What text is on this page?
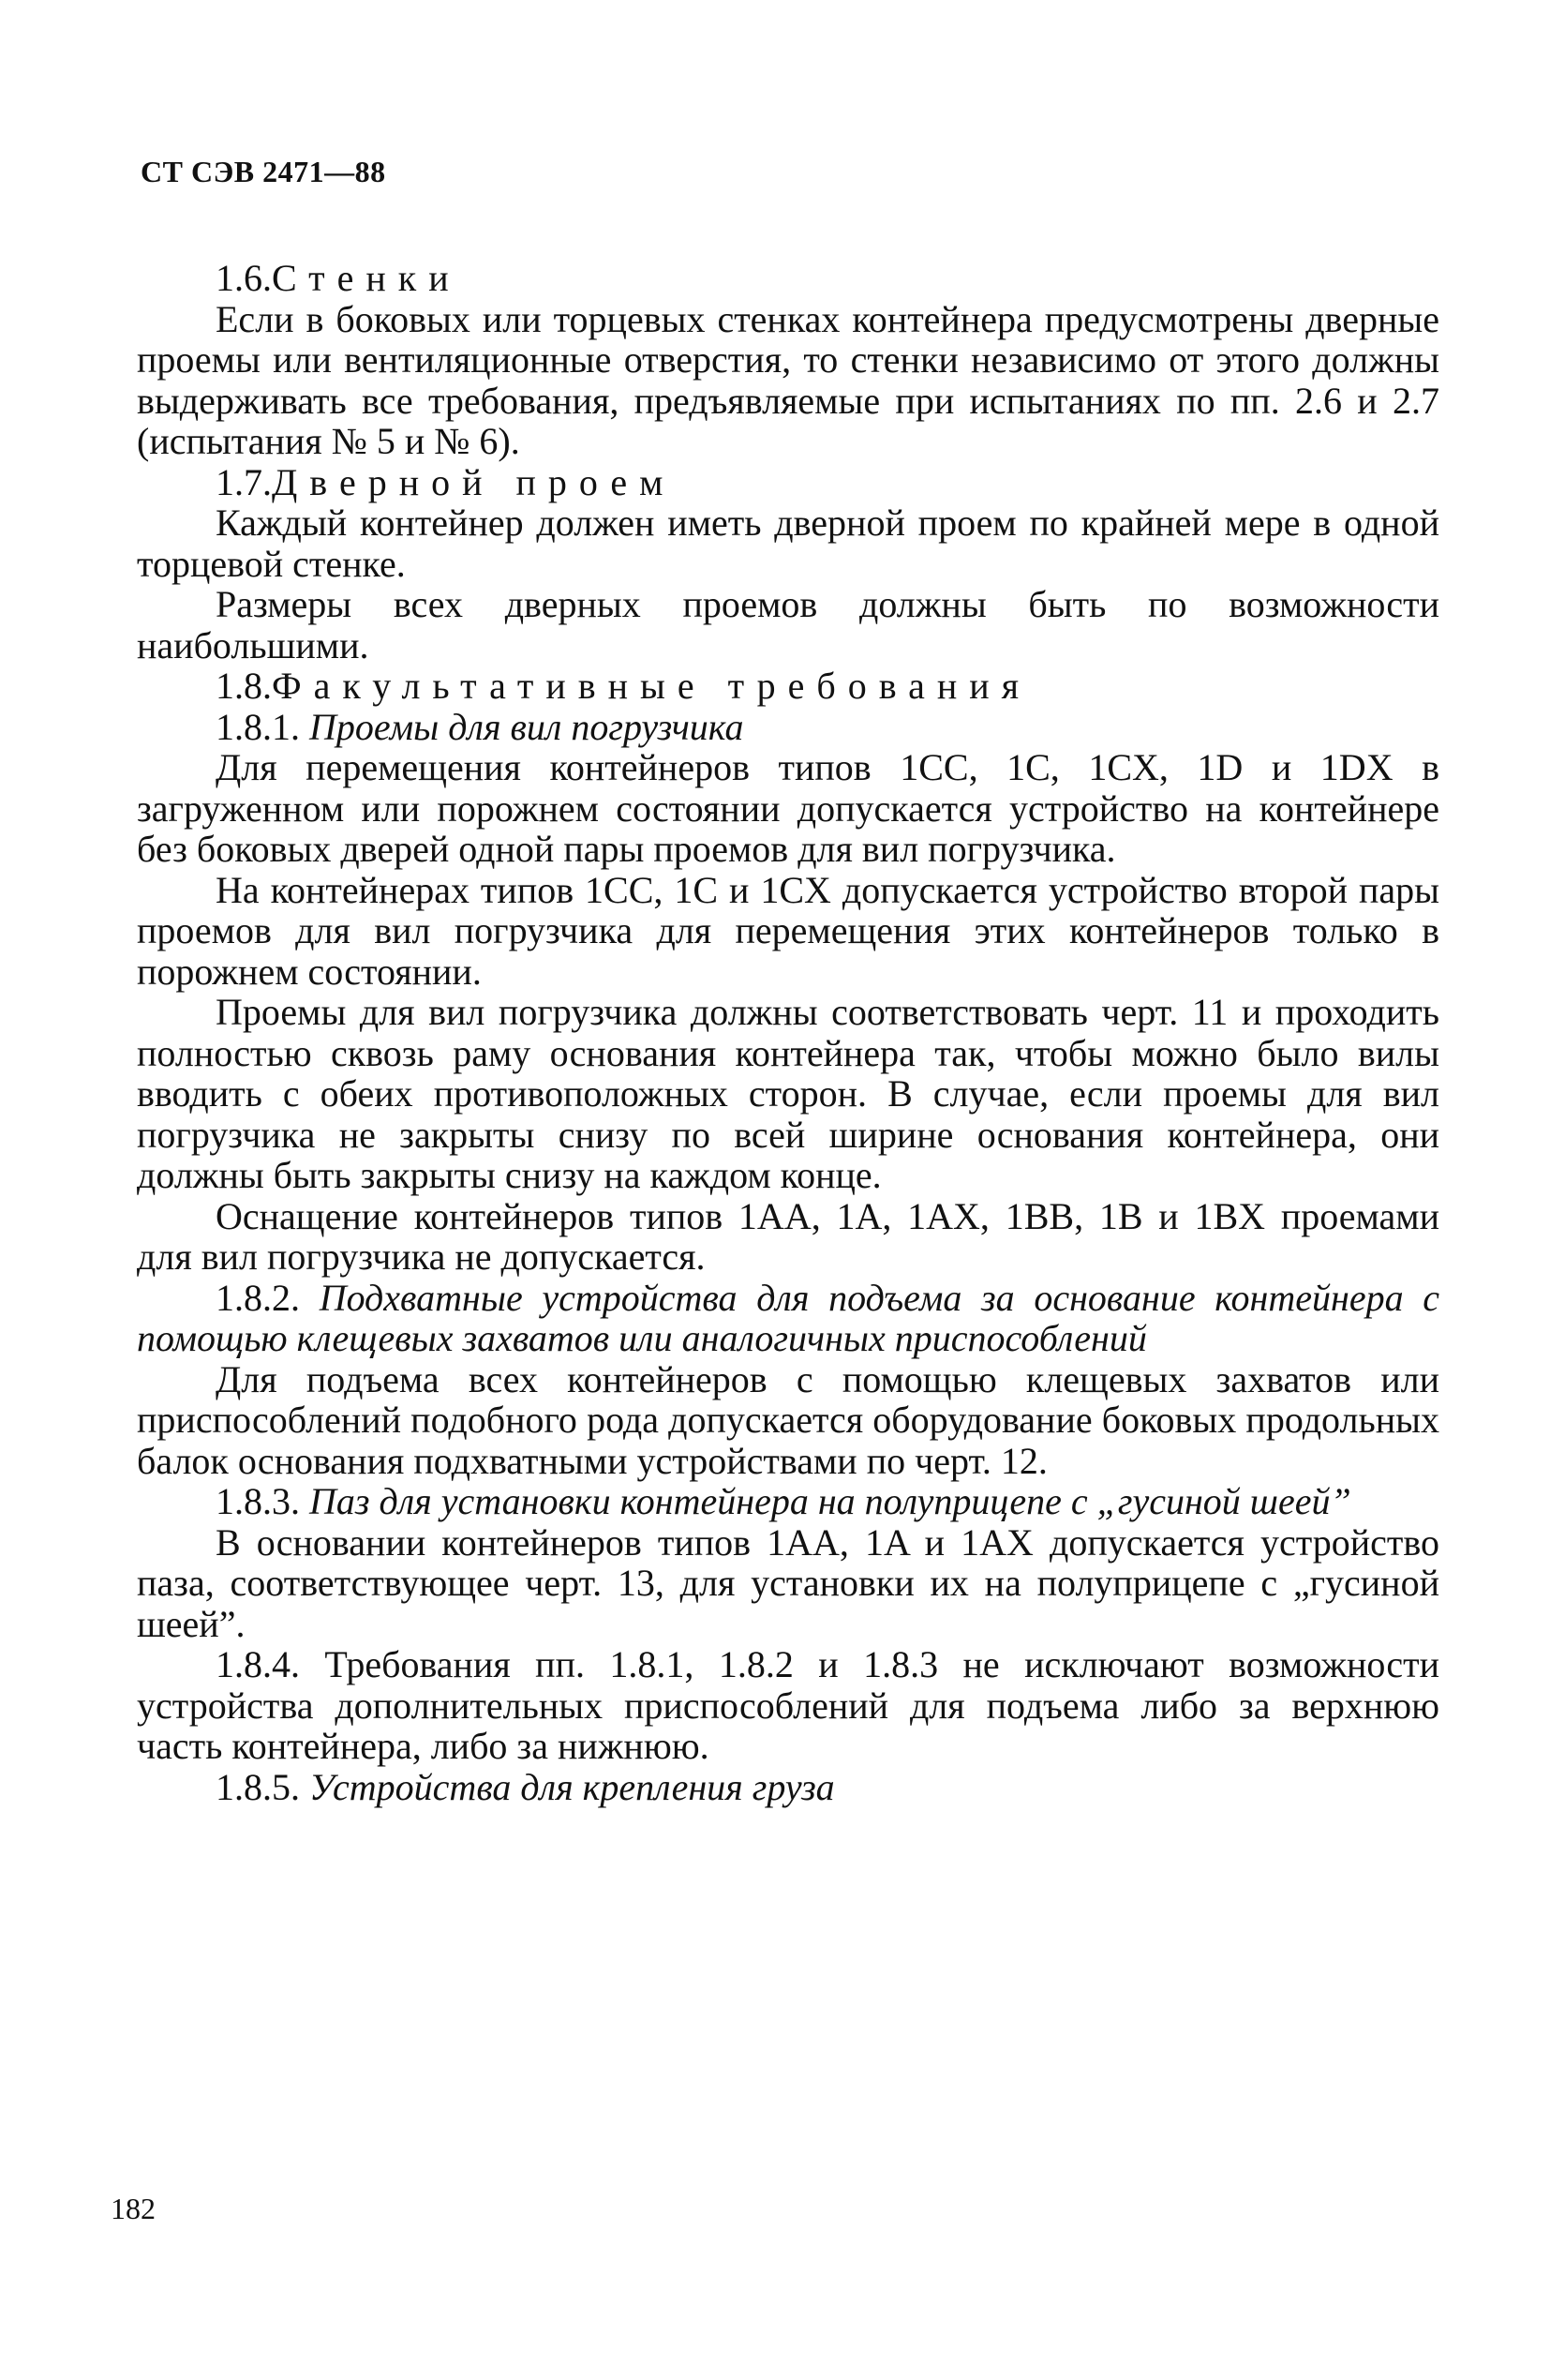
СТ СЭВ 2471—88

1.6.Стенки

Если в боковых или торцевых стенках контейнера предусмотрены дверные проемы или вентиляционные отверстия, то стенки независимо от этого должны выдерживать все требования, предъявляемые при испытаниях по пп. 2.6 и 2.7 (испытания № 5 и № 6).

1.7.Дверной проем

Каждый контейнер должен иметь дверной проем по крайней мере в одной торцевой стенке.

Размеры всех дверных проемов должны быть по возможности наибольшими.

1.8.Факультативные требования

1.8.1. Проемы для вил погрузчика

Для перемещения контейнеров типов 1CC, 1C, 1CX, 1D и 1DX в загруженном или порожнем состоянии допускается устройство на контейнере без боковых дверей одной пары проемов для вил погрузчика.

На контейнерах типов 1CC, 1C и 1CX допускается устройство второй пары проемов для вил погрузчика для перемещения этих контейнеров только в порожнем состоянии.

Проемы для вил погрузчика должны соответствовать черт. 11 и проходить полностью сквозь раму основания контейнера так, чтобы можно было вилы вводить с обеих противоположных сторон. В случае, если проемы для вил погрузчика не закрыты снизу по всей ширине основания контейнера, они должны быть закрыты снизу на каждом конце.

Оснащение контейнеров типов 1AA, 1A, 1AX, 1BB, 1B и 1BX проемами для вил погрузчика не допускается.

1.8.2. Подхватные устройства для подъема за основание контейнера с помощью клещевых захватов или аналогичных приспособлений

Для подъема всех контейнеров с помощью клещевых захватов или приспособлений подобного рода допускается оборудование боковых продольных балок основания подхватными устройствами по черт. 12.

1.8.3. Паз для установки контейнера на полуприцепе с „гусиной шеей”

В основании контейнеров типов 1AA, 1A и 1AX допускается устройство паза, соответствующее черт. 13, для установки их на полуприцепе с „гусиной шеей”.

1.8.4. Требования пп. 1.8.1, 1.8.2 и 1.8.3 не исключают возможности устройства дополнительных приспособлений для подъема либо за верхнюю часть контейнера, либо за нижнюю.

1.8.5. Устройства для крепления груза

182
